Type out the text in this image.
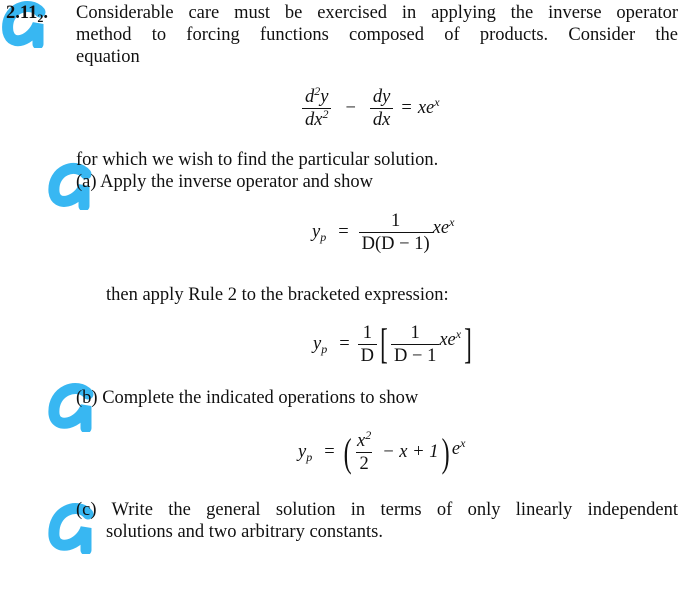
$2.11_2$. Considerable care must be exercised in applying the inverse operator
method to forcing functions composed of products. Consider the
equation
$\frac{d^2y}{dx^2} - \frac{dy}{dx} = xe^x$
for which we wish to find the particular solution.
(a) Apply the inverse operator and show
$y_p = \frac{1}{D(D - 1)} xe^x$
then apply Rule 2 to the bracketed expression:
$y_p = \frac{1}{D}$ [ $\frac{1}{D - 1} xe^x$ ]
(b) Complete the indicated operations to show
$y_p$ = ( $\frac{x^2}{2} - x + 1$ ) $e^x$
(c) Write the general solution in terms of only linearly independent
solutions and two arbitrary constants.
